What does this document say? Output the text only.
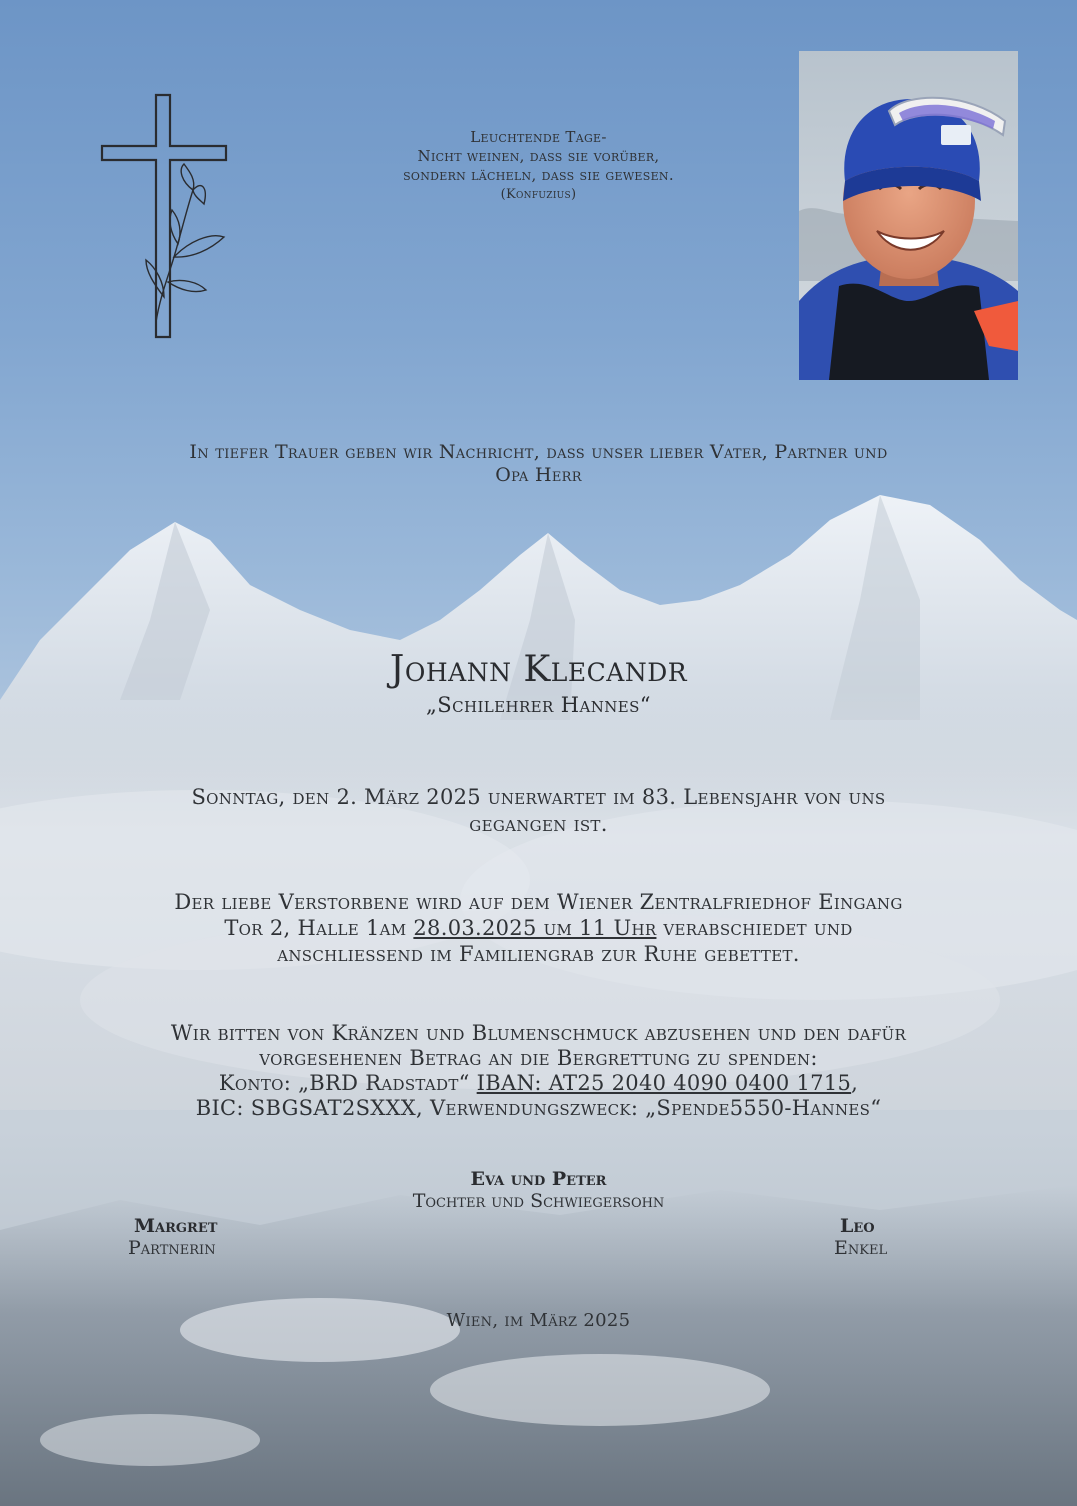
Leuchtende Tage-
Nicht weinen, dass sie vorüber,
sondern lächeln, dass sie gewesen.
(Konfuzius)
In tiefer Trauer geben wir Nachricht, dass unser lieber Vater, Partner und
Opa Herr
Johann Klecandr
„Schilehrer Hannes“
Sonntag, den 2. März 2025 unerwartet im 83. Lebensjahr von uns
gegangen ist.
Der liebe Verstorbene wird auf dem Wiener Zentralfriedhof Eingang
Tor 2, Halle 1am 28.03.2025 um 11 Uhr verabschiedet und
anschliessend im Familiengrab zur Ruhe gebettet.
Wir bitten von Kränzen und Blumenschmuck abzusehen und den dafür
vorgesehenen Betrag an die Bergrettung zu spenden:
Konto: „BRD Radstadt“ IBAN: AT25 2040 4090 0400 1715,
BIC: SBGSAT2SXXX, Verwendungszweck: „Spende5550-Hannes“
Eva und Peter
Tochter und Schwiegersohn
Margret
Partnerin
Leo
Enkel
Wien, im März 2025
